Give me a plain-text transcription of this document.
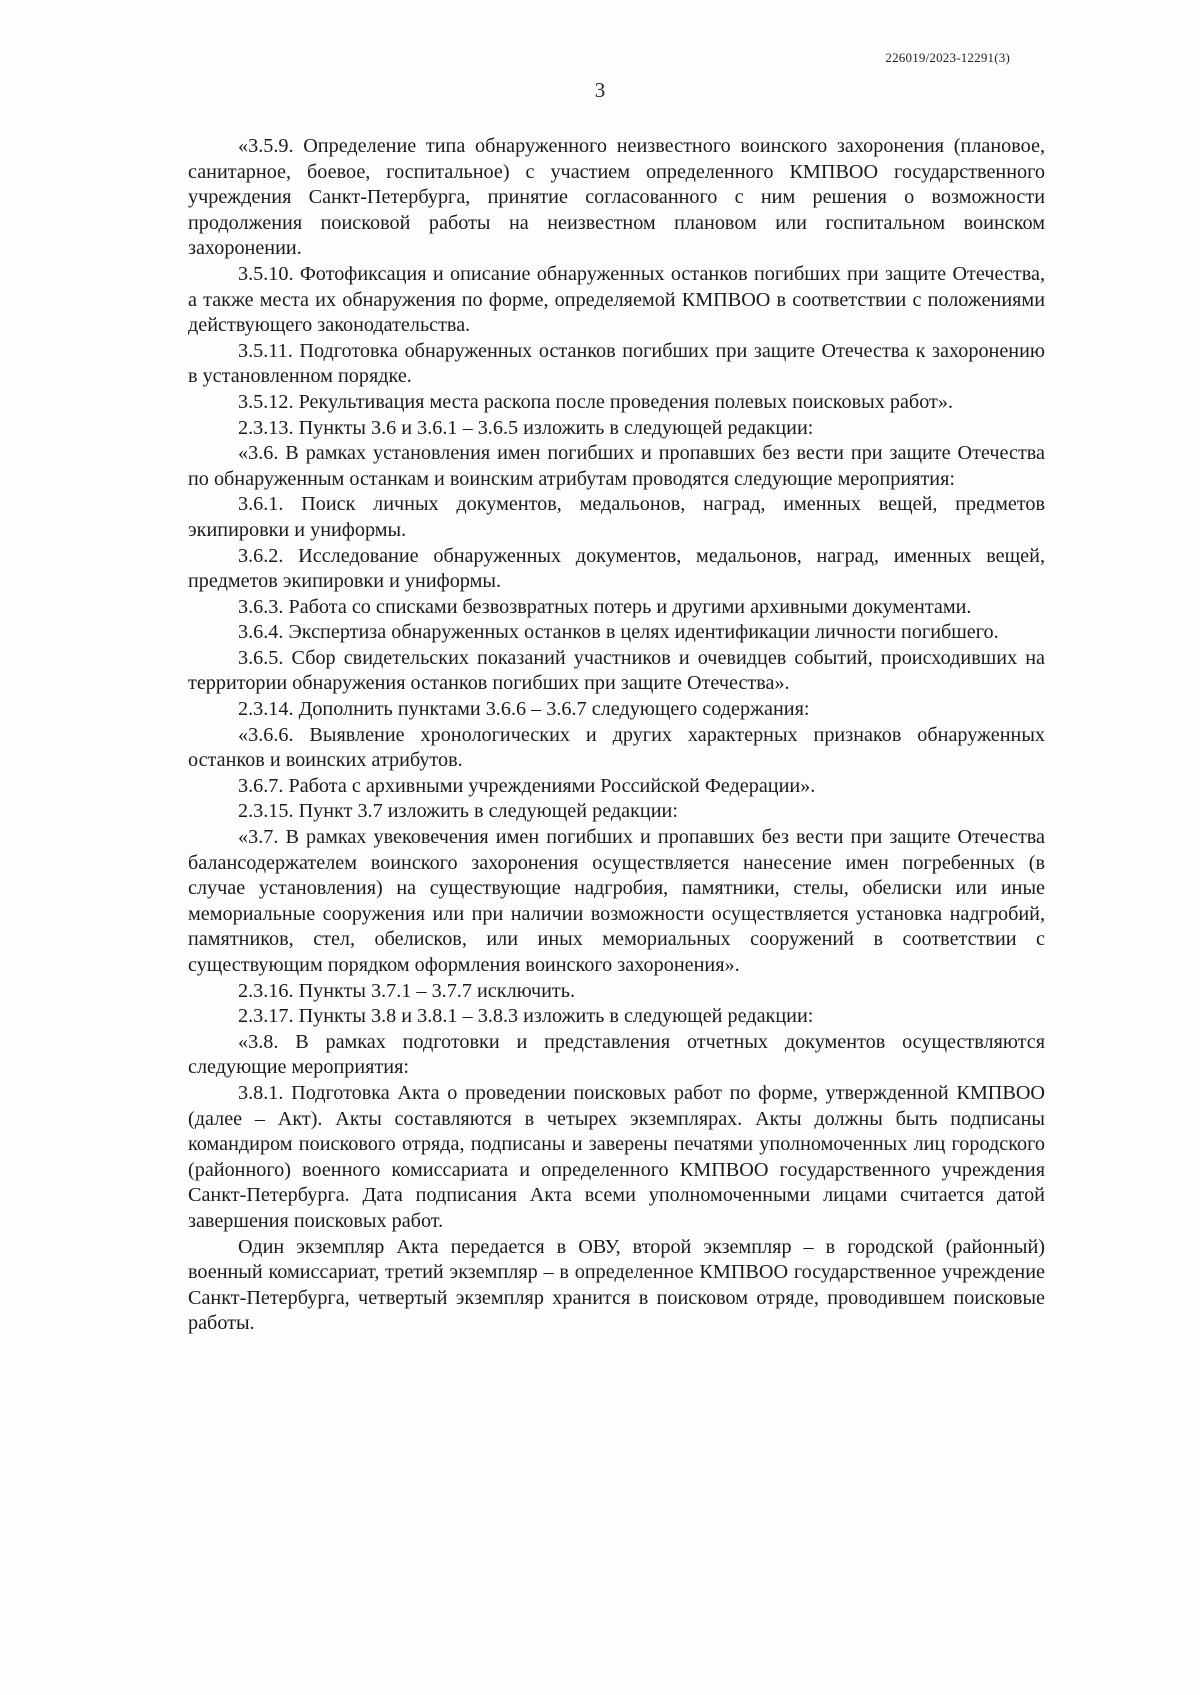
226019/2023-12291(3)
3

«3.5.9. Определение типа обнаруженного неизвестного воинского захоронения (плановое, санитарное, боевое, госпитальное) с участием определенного КМПВОО государственного учреждения Санкт-Петербурга, принятие согласованного с ним решения о возможности продолжения поисковой работы на неизвестном плановом или госпитальном воинском захоронении.

3.5.10. Фотофиксация и описание обнаруженных останков погибших при защите Отечества, а также места их обнаружения по форме, определяемой КМПВОО в соответствии с положениями действующего законодательства.

3.5.11. Подготовка обнаруженных останков погибших при защите Отечества к захоронению в установленном порядке.

3.5.12. Рекультивация места раскопа после проведения полевых поисковых работ».

2.3.13. Пункты 3.6 и 3.6.1 – 3.6.5 изложить в следующей редакции:

«3.6. В рамках установления имен погибших и пропавших без вести при защите Отечества по обнаруженным останкам и воинским атрибутам проводятся следующие мероприятия:

3.6.1. Поиск личных документов, медальонов, наград, именных вещей, предметов экипировки и униформы.

3.6.2. Исследование обнаруженных документов, медальонов, наград, именных вещей, предметов экипировки и униформы.

3.6.3. Работа со списками безвозвратных потерь и другими архивными документами.

3.6.4. Экспертиза обнаруженных останков в целях идентификации личности погибшего.

3.6.5. Сбор свидетельских показаний участников и очевидцев событий, происходивших на территории обнаружения останков погибших при защите Отечества».

2.3.14. Дополнить пунктами 3.6.6 – 3.6.7 следующего содержания:

«3.6.6. Выявление хронологических и других характерных признаков обнаруженных останков и воинских атрибутов.

3.6.7. Работа с архивными учреждениями Российской Федерации».

2.3.15. Пункт 3.7 изложить в следующей редакции:

«3.7. В рамках увековечения имен погибших и пропавших без вести при защите Отечества балансодержателем воинского захоронения осуществляется нанесение имен погребенных (в случае установления) на существующие надгробия, памятники, стелы, обелиски или иные мемориальные сооружения или при наличии возможности осуществляется установка надгробий, памятников, стел, обелисков, или иных мемориальных сооружений в соответствии с существующим порядком оформления воинского захоронения».

2.3.16. Пункты 3.7.1 – 3.7.7 исключить.

2.3.17. Пункты 3.8 и 3.8.1 – 3.8.3 изложить в следующей редакции:

«3.8. В рамках подготовки и представления отчетных документов осуществляются следующие мероприятия:

3.8.1. Подготовка Акта о проведении поисковых работ по форме, утвержденной КМПВОО (далее – Акт). Акты составляются в четырех экземплярах. Акты должны быть подписаны командиром поискового отряда, подписаны и заверены печатями уполномоченных лиц городского (районного) военного комиссариата и определенного КМПВОО государственного учреждения Санкт-Петербурга. Дата подписания Акта всеми уполномоченными лицами считается датой завершения поисковых работ.

Один экземпляр Акта передается в ОВУ, второй экземпляр – в городской (районный) военный комиссариат, третий экземпляр – в определенное КМПВОО государственное учреждение Санкт-Петербурга, четвертый экземпляр хранится в поисковом отряде, проводившем поисковые работы.
